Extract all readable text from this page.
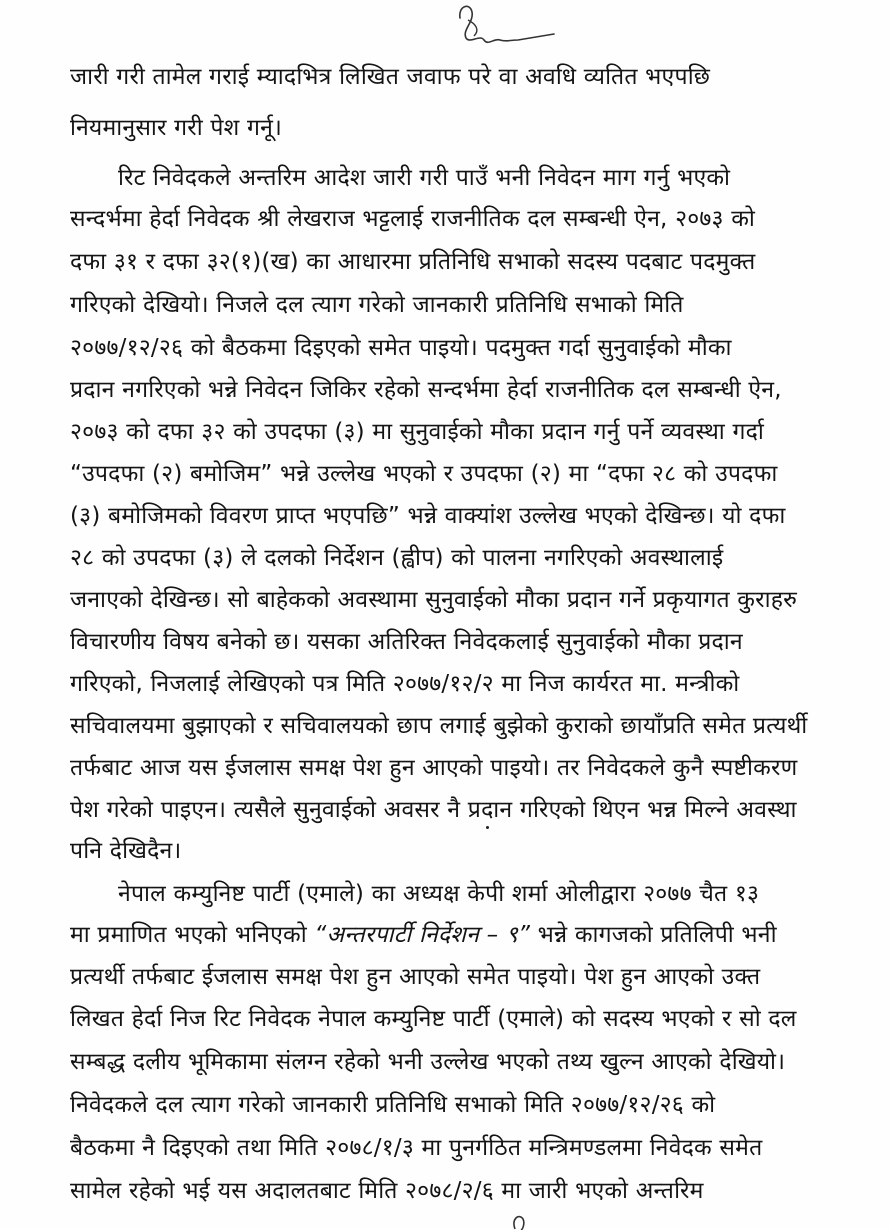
जारी गरी तामेल गराई म्यादभित्र लिखित जवाफ परे वा अवधि व्यतित भएपछि
नियमानुसार गरी पेश गर्नू।
रिट निवेदकले अन्तरिम आदेश जारी गरी पाउँ भनी निवेदन माग गर्नु भएको
सन्दर्भमा हेर्दा निवेदक श्री लेखराज भट्टलाई राजनीतिक दल सम्बन्धी ऐन, २०७३ को
दफा ३१ र दफा ३२(१)(ख) का आधारमा प्रतिनिधि सभाको सदस्य पदबाट पदमुक्त
गरिएको देखियो। निजले दल त्याग गरेको जानकारी प्रतिनिधि सभाको मिति
२०७७/१२/२६ को बैठकमा दिइएको समेत पाइयो। पदमुक्त गर्दा सुनुवाईको मौका
प्रदान नगरिएको भन्ने निवेदन जिकिर रहेको सन्दर्भमा हेर्दा राजनीतिक दल सम्बन्धी ऐन,
२०७३ को दफा ३२ को उपदफा (३) मा सुनुवाईको मौका प्रदान गर्नु पर्ने व्यवस्था गर्दा
“उपदफा (२) बमोजिम” भन्ने उल्लेख भएको र उपदफा (२) मा “दफा २८ को उपदफा
(३) बमोजिमको विवरण प्राप्त भएपछि” भन्ने वाक्यांश उल्लेख भएको देखिन्छ। यो दफा
२८ को उपदफा (३) ले दलको निर्देशन (ह्वीप) को पालना नगरिएको अवस्थालाई
जनाएको देखिन्छ। सो बाहेकको अवस्थामा सुनुवाईको मौका प्रदान गर्ने प्रकृयागत कुराहरु
विचारणीय विषय बनेको छ। यसका अतिरिक्त निवेदकलाई सुनुवाईको मौका प्रदान
गरिएको, निजलाई लेखिएको पत्र मिति २०७७/१२/२ मा निज कार्यरत मा. मन्त्रीको
सचिवालयमा बुझाएको र सचिवालयको छाप लगाई बुझेको कुराको छायाँप्रति समेत प्रत्यर्थी
तर्फबाट आज यस ईजलास समक्ष पेश हुन आएको पाइयो। तर निवेदकले कुनै स्पष्टीकरण
पेश गरेको पाइएन। त्यसैले सुनुवाईको अवसर नै प्रदान गरिएको थिएन भन्न मिल्ने अवस्था
पनि देखिदैन।
नेपाल कम्युनिष्ट पार्टी (एमाले) का अध्यक्ष केपी शर्मा ओलीद्वारा २०७७ चैत १३
मा प्रमाणित भएको भनिएको “अन्तरपार्टी निर्देशन – ९” भन्ने कागजको प्रतिलिपी भनी
प्रत्यर्थी तर्फबाट ईजलास समक्ष पेश हुन आएको समेत पाइयो। पेश हुन आएको उक्त
लिखत हेर्दा निज रिट निवेदक नेपाल कम्युनिष्ट पार्टी (एमाले) को सदस्य भएको र सो दल
सम्बद्ध दलीय भूमिकामा संलग्न रहेको भनी उल्लेख भएको तथ्य खुल्न आएको देखियो।
निवेदकले दल त्याग गरेको जानकारी प्रतिनिधि सभाको मिति २०७७/१२/२६ को
बैठकमा नै दिइएको तथा मिति २०७८/१/३ मा पुनर्गठित मन्त्रिमण्डलमा निवेदक समेत
सामेल रहेको भई यस अदालतबाट मिति २०७८/२/६ मा जारी भएको अन्तरिम
